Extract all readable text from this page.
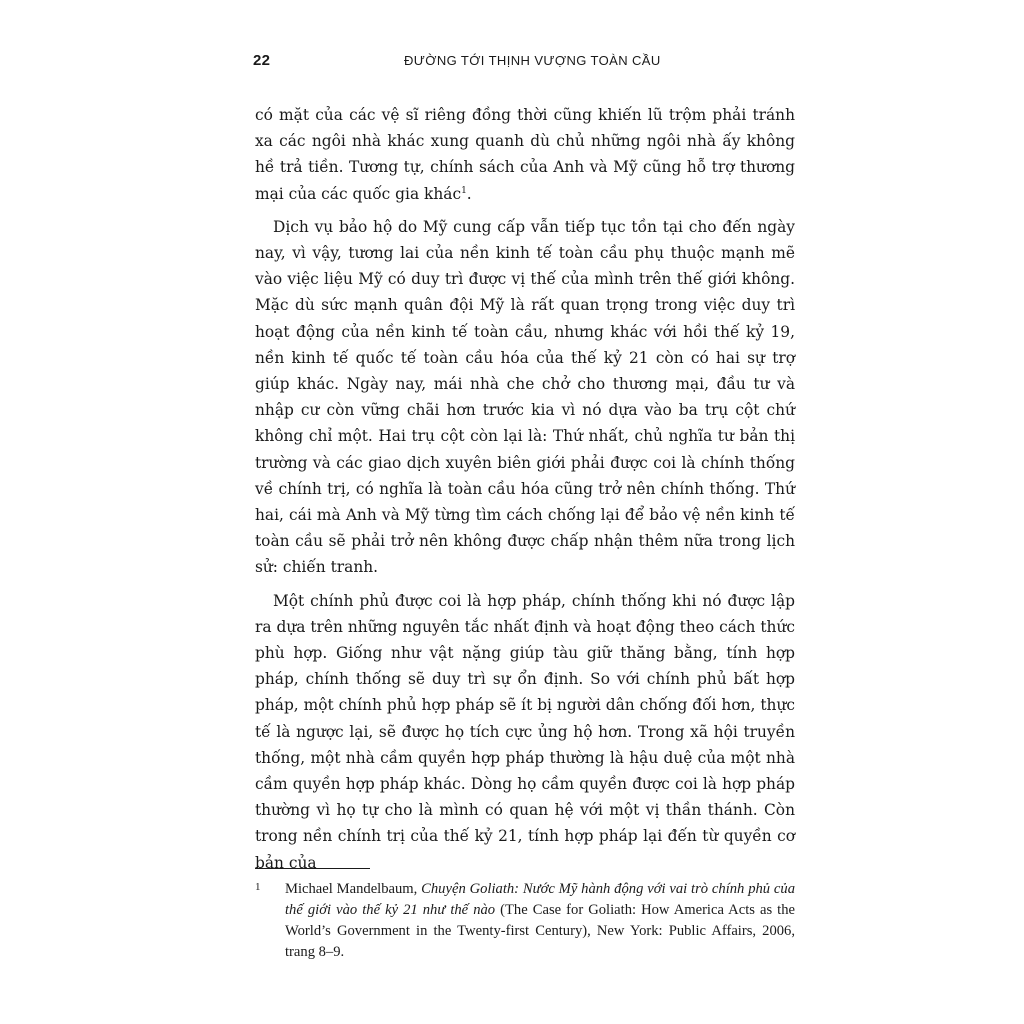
22	ĐƯỜNG TỚI THỊNH VƯỢNG TOÀN CẦU

có mặt của các vệ sĩ riêng đồng thời cũng khiến lũ trộm phải tránh xa các ngôi nhà khác xung quanh dù chủ những ngôi nhà ấy không hề trả tiền. Tương tự, chính sách của Anh và Mỹ cũng hỗ trợ thương mại của các quốc gia khác$^1$.

Dịch vụ bảo hộ do Mỹ cung cấp vẫn tiếp tục tồn tại cho đến ngày nay, vì vậy, tương lai của nền kinh tế toàn cầu phụ thuộc mạnh mẽ vào việc liệu Mỹ có duy trì được vị thế của mình trên thế giới không. Mặc dù sức mạnh quân đội Mỹ là rất quan trọng trong việc duy trì hoạt động của nền kinh tế toàn cầu, nhưng khác với hồi thế kỷ 19, nền kinh tế quốc tế toàn cầu hóa của thế kỷ 21 còn có hai sự trợ giúp khác. Ngày nay, mái nhà che chở cho thương mại, đầu tư và nhập cư còn vững chãi hơn trước kia vì nó dựa vào ba trụ cột chứ không chỉ một. Hai trụ cột còn lại là: Thứ nhất, chủ nghĩa tư bản thị trường và các giao dịch xuyên biên giới phải được coi là chính thống về chính trị, có nghĩa là toàn cầu hóa cũng trở nên chính thống. Thứ hai, cái mà Anh và Mỹ từng tìm cách chống lại để bảo vệ nền kinh tế toàn cầu sẽ phải trở nên không được chấp nhận thêm nữa trong lịch sử: chiến tranh.

Một chính phủ được coi là hợp pháp, chính thống khi nó được lập ra dựa trên những nguyên tắc nhất định và hoạt động theo cách thức phù hợp. Giống như vật nặng giúp tàu giữ thăng bằng, tính hợp pháp, chính thống sẽ duy trì sự ổn định. So với chính phủ bất hợp pháp, một chính phủ hợp pháp sẽ ít bị người dân chống đối hơn, thực tế là ngược lại, sẽ được họ tích cực ủng hộ hơn. Trong xã hội truyền thống, một nhà cầm quyền hợp pháp thường là hậu duệ của một nhà cầm quyền hợp pháp khác. Dòng họ cầm quyền được coi là hợp pháp thường vì họ tự cho là mình có quan hệ với một vị thần thánh. Còn trong nền chính trị của thế kỷ 21, tính hợp pháp lại đến từ quyền cơ bản của

1 Michael Mandelbaum, Chuyện Goliath: Nước Mỹ hành động với vai trò chính phủ của thế giới vào thế kỷ 21 như thế nào (The Case for Goliath: How America Acts as the World’s Government in the Twenty-first Century), New York: Public Affairs, 2006, trang 8–9.
